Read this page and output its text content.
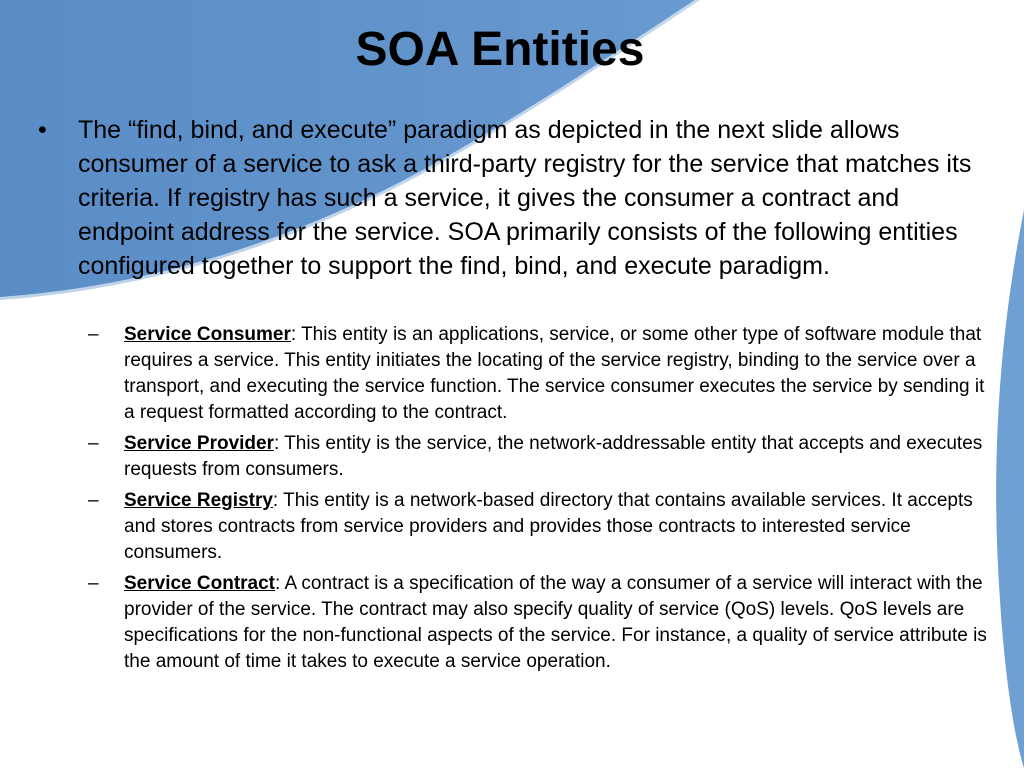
SOA Entities
• The “find, bind, and execute” paradigm as depicted in the next slide allows consumer of a service to ask a third-party registry for the service that matches its criteria. If registry has such a service, it gives the consumer a contract and endpoint address for the service. SOA primarily consists of the following entities configured together to support the find, bind, and execute paradigm.
– Service Consumer: This entity is an applications, service, or some other type of software module that requires a service. This entity initiates the locating of the service registry, binding to the service over a transport, and executing the service function. The service consumer executes the service by sending it a request formatted according to the contract.
– Service Provider: This entity is the service, the network-addressable entity that accepts and executes requests from consumers.
– Service Registry: This entity is a network-based directory that contains available services. It accepts and stores contracts from service providers and provides those contracts to interested service consumers.
– Service Contract: A contract is a specification of the way a consumer of a service will interact with the provider of the service. The contract may also specify quality of service (QoS) levels. QoS levels are specifications for the non-functional aspects of the service. For instance, a quality of service attribute is the amount of time it takes to execute a service operation.
